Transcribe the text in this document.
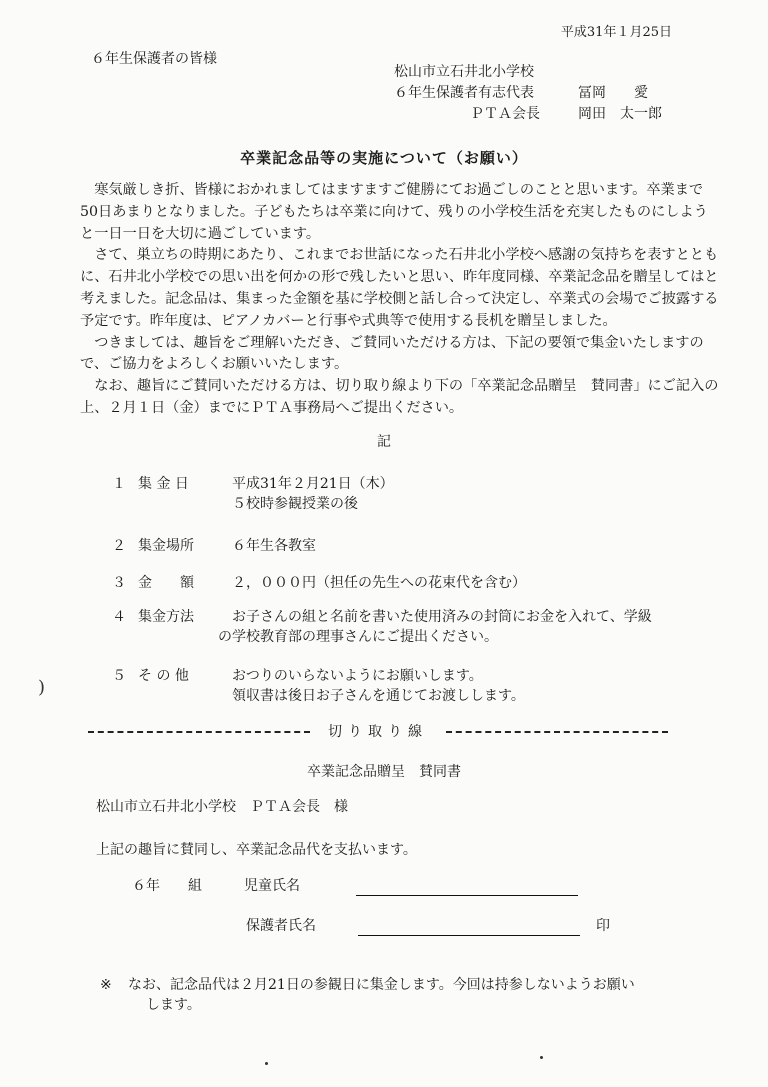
平成31年１月25日
６年生保護者の皆様
松山市立石井北小学校
６年生保護者有志代表	冨岡　　愛
ＰＴＡ会長	岡田　太一郎
卒業記念品等の実施について（お願い）

寒気厳しき折、皆様におかれましてはますますご健勝にてお過ごしのことと思います。卒業まで50日あまりとなりました。子どもたちは卒業に向けて、残りの小学校生活を充実したものにしようと一日一日を大切に過ごしています。

さて、巣立ちの時期にあたり、これまでお世話になった石井北小学校へ感謝の気持ちを表すとともに、石井北小学校での思い出を何かの形で残したいと思い、昨年度同様、卒業記念品を贈呈してはと考えました。記念品は、集まった金額を基に学校側と話し合って決定し、卒業式の会場でご披露する予定です。昨年度は、ピアノカバーと行事や式典等で使用する長机を贈呈しました。

つきましては、趣旨をご理解いただき、ご賛同いただける方は、下記の要領で集金いたしますので、ご協力をよろしくお願いいたします。

なお、趣旨にご賛同いただける方は、切り取り線より下の「卒業記念品贈呈　賛同書」にご記入の上、２月１日（金）までにＰＴＡ事務局へご提出ください。

記
１ 集 金 日	平成31年２月21日（木）
５校時参観授業の後
２ 集金場所	６年生各教室
３ 金　　額	２，０００円（担任の先生への花束代を含む）
４ 集金方法	お子さんの組と名前を書いた使用済みの封筒にお金を入れて、学級
の学校教育部の理事さんにご提出ください。
５ そ の 他	おつりのいらないようにお願いします。
領収書は後日お子さんを通じてお渡しします。
)
切り取り線
卒業記念品贈呈　賛同書
松山市立石井北小学校　ＰＴＡ会長　様
上記の趣旨に賛同し、卒業記念品代を支払います。
６年　　組	児童氏名
保護者氏名	印
※ なお、記念品代は２月21日の参観日に集金します。今回は持参しないようお願い
します。
